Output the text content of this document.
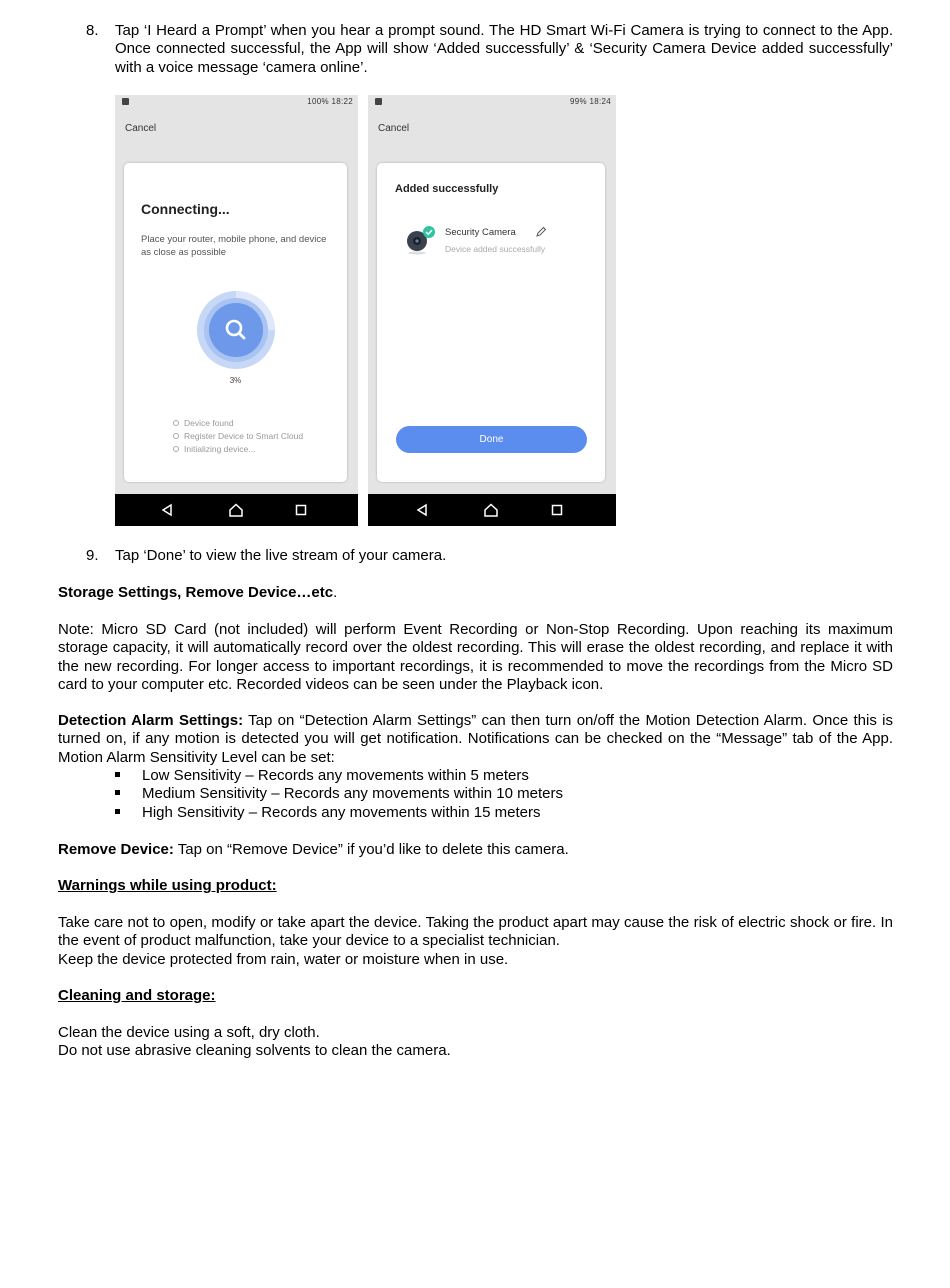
8. Tap ‘I Heard a Prompt’ when you hear a prompt sound. The HD Smart Wi-Fi Camera is trying to connect to the App. Once connected successful, the App will show ‘Added successfully’ & ‘Security Camera Device added successfully’ with a voice message ‘camera online’.

100% 18:22
Cancel
Connecting...
Place your router, mobile phone, and device as close as possible
3%
Device found
Register Device to Smart Cloud
Initializing device...
99% 18:24
Cancel
Added successfully
Security Camera
Device added successfully
Done
9. Tap ‘Done’ to view the live stream of your camera.

Storage Settings, Remove Device…etc.

Note: Micro SD Card (not included) will perform Event Recording or Non-Stop Recording. Upon reaching its maximum storage capacity, it will automatically record over the oldest recording. This will erase the oldest recording, and replace it with the new recording. For longer access to important recordings, it is recommended to move the recordings from the Micro SD card to your computer etc. Recorded videos can be seen under the Playback icon.

Detection Alarm Settings: Tap on “Detection Alarm Settings” can then turn on/off the Motion Detection Alarm. Once this is turned on, if any motion is detected you will get notification. Notifications can be checked on the “Message” tab of the App. Motion Alarm Sensitivity Level can be set:

Low Sensitivity – Records any movements within 5 meters
Medium Sensitivity – Records any movements within 10 meters
High Sensitivity – Records any movements within 15 meters

Remove Device: Tap on “Remove Device” if you’d like to delete this camera.

Warnings while using product:

Take care not to open, modify or take apart the device. Taking the product apart may cause the risk of electric shock or fire. In the event of product malfunction, take your device to a specialist technician.

Keep the device protected from rain, water or moisture when in use.

Cleaning and storage:

Clean the device using a soft, dry cloth.

Do not use abrasive cleaning solvents to clean the camera.
